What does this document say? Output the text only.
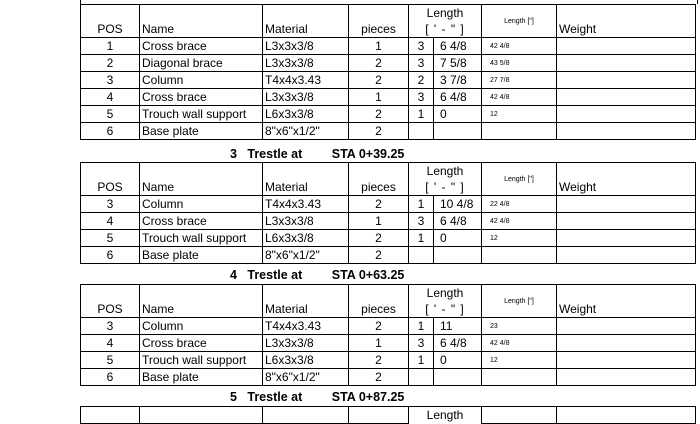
POS	Name	Material	pieces	Length		Length ["]	Weight
				[ ' - " ]			
1	Cross brace	L3x3x3/8	1	3	6 4/8	42 4/8	
2	Diagonal brace	L3x3x3/8	2	3	7 5/8	43 5/8	
3	Column	T4x4x3.43	2	2	3 7/8	27 7/8	
4	Cross brace	L3x3x3/8	1	3	6 4/8	42 4/8	
5	Trouch wall support	L6x3x3/8	2	1	0	12	
6	Base plate	8"x6"x1/2"	2				
3 Trestle at STA 0+39.25
POS	Name	Material	pieces	Length		Length ["]	Weight
				[ ' - " ]			
3	Column	T4x4x3.43	2	1	10 4/8	22 4/8	
4	Cross brace	L3x3x3/8	1	3	6 4/8	42 4/8	
5	Trouch wall support	L6x3x3/8	2	1	0	12	
6	Base plate	8"x6"x1/2"	2				
4 Trestle at STA 0+63.25
POS	Name	Material	pieces	Length		Length ["]	Weight
				[ ' - " ]			
3	Column	T4x4x3.43	2	1	11	23	
4	Cross brace	L3x3x3/8	1	3	6 4/8	42 4/8	
5	Trouch wall support	L6x3x3/8	2	1	0	12	
6	Base plate	8"x6"x1/2"	2				
5 Trestle at STA 0+87.25
				Length		
